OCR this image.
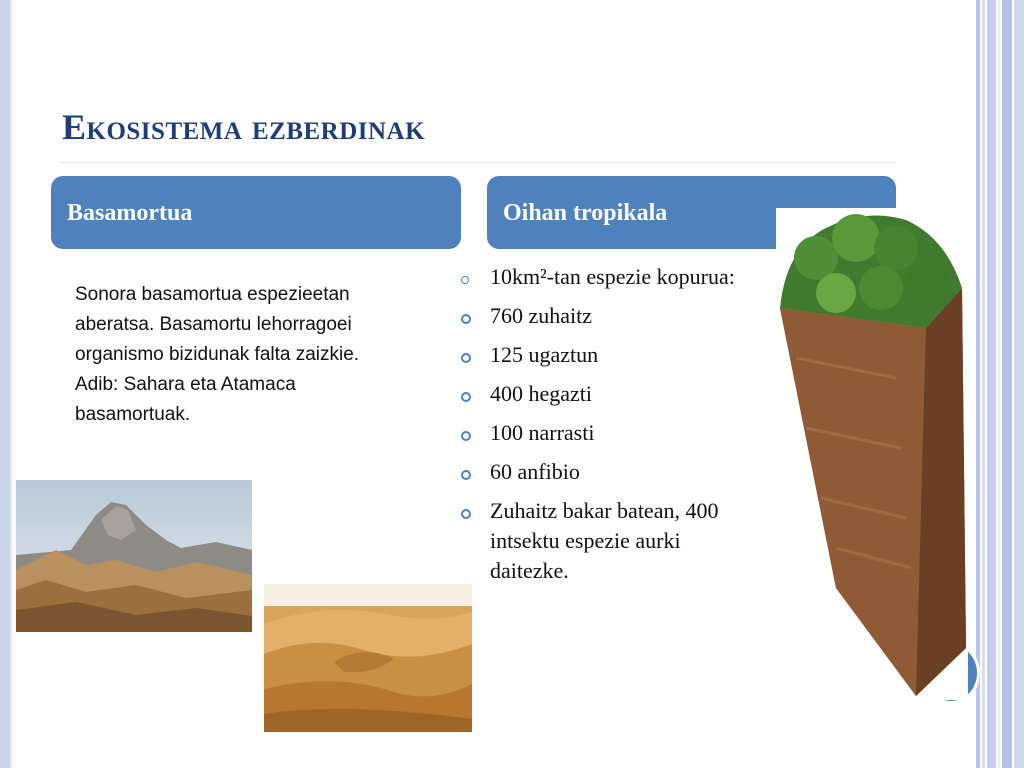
Ekosistema ezberdinak
Basamortua	Oihan tropikala
Sonora basamortua espezieetan aberatsa. Basamortu lehorragoei organismo bizidunak falta zaizkie. Adib: Sahara eta Atamaca basamortuak.
10km²-tan espezie kopurua:
760 zuhaitz
125 ugaztun
400 hegazti
100 narrasti
60 anfibio
Zuhaitz bakar batean, 400 intsektu espezie aurki daitezke.
